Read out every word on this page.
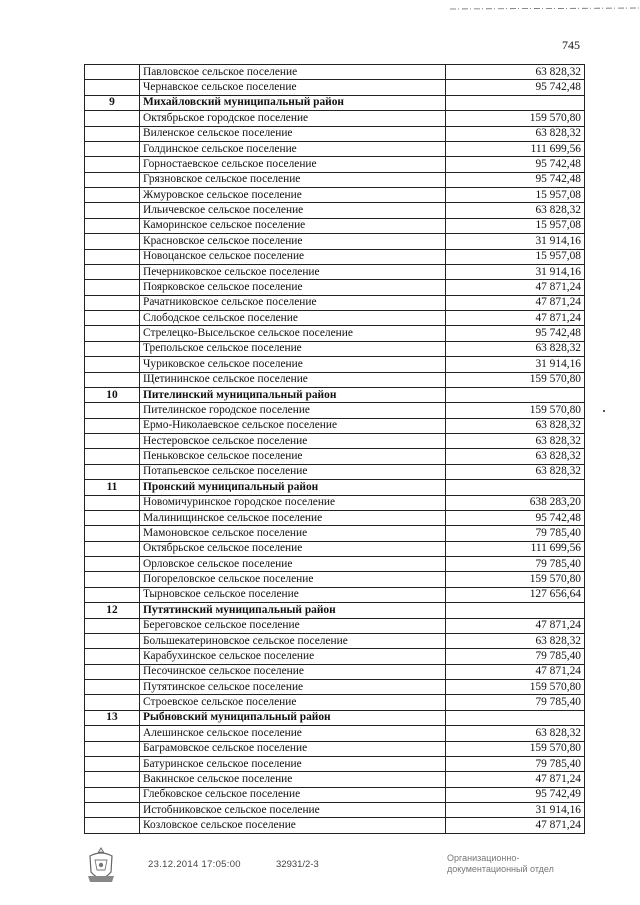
745
	Павловское сельское поселение	63 828,32
	Чернавское сельское поселение	95 742,48
9	Михайловский муниципальный район	
	Октябрьское городское поселение	159 570,80
	Виленское сельское поселение	63 828,32
	Голдинское сельское поселение	111 699,56
	Горностаевское сельское поселение	95 742,48
	Грязновское сельское поселение	95 742,48
	Жмуровское сельское поселение	15 957,08
	Ильичевское сельское поселение	63 828,32
	Каморинское сельское поселение	15 957,08
	Красновское сельское поселение	31 914,16
	Новоцанское сельское поселение	15 957,08
	Печерниковское сельское поселение	31 914,16
	Поярковское сельское поселение	47 871,24
	Рачатниковское сельское поселение	47 871,24
	Слободское сельское поселение	47 871,24
	Стрелецко-Высельское сельское поселение	95 742,48
	Трепольское сельское поселение	63 828,32
	Чуриковское сельское поселение	31 914,16
	Щетининское сельское поселение	159 570,80
10	Пителинский муниципальный район	
	Пителинское городское поселение	159 570,80
	Ермо-Николаевское сельское поселение	63 828,32
	Нестеровское сельское поселение	63 828,32
	Пеньковское сельское поселение	63 828,32
	Потапьевское сельское поселение	63 828,32
11	Пронский муниципальный район	
	Новомичуринское городское поселение	638 283,20
	Малинищинское сельское поселение	95 742,48
	Мамоновское сельское поселение	79 785,40
	Октябрьское сельское поселение	111 699,56
	Орловское сельское поселение	79 785,40
	Погореловское сельское поселение	159 570,80
	Тырновское сельское поселение	127 656,64
12	Путятинский муниципальный район	
	Береговское сельское поселение	47 871,24
	Большекатериновское сельское поселение	63 828,32
	Карабухинское сельское поселение	79 785,40
	Песочинское сельское поселение	47 871,24
	Путятинское сельское поселение	159 570,80
	Строевское сельское поселение	79 785,40
13	Рыбновский муниципальный район	
	Алешинское сельское поселение	63 828,32
	Баграмовское сельское поселение	159 570,80
	Батуринское сельское поселение	79 785,40
	Вакинское сельское поселение	47 871,24
	Глебковское сельское поселение	95 742,49
	Истобниковское сельское поселение	31 914,16
	Козловское сельское поселение	47 871,24
23.12.2014 17:05:00	32931/2-3
Организационно-
документационный отдел
